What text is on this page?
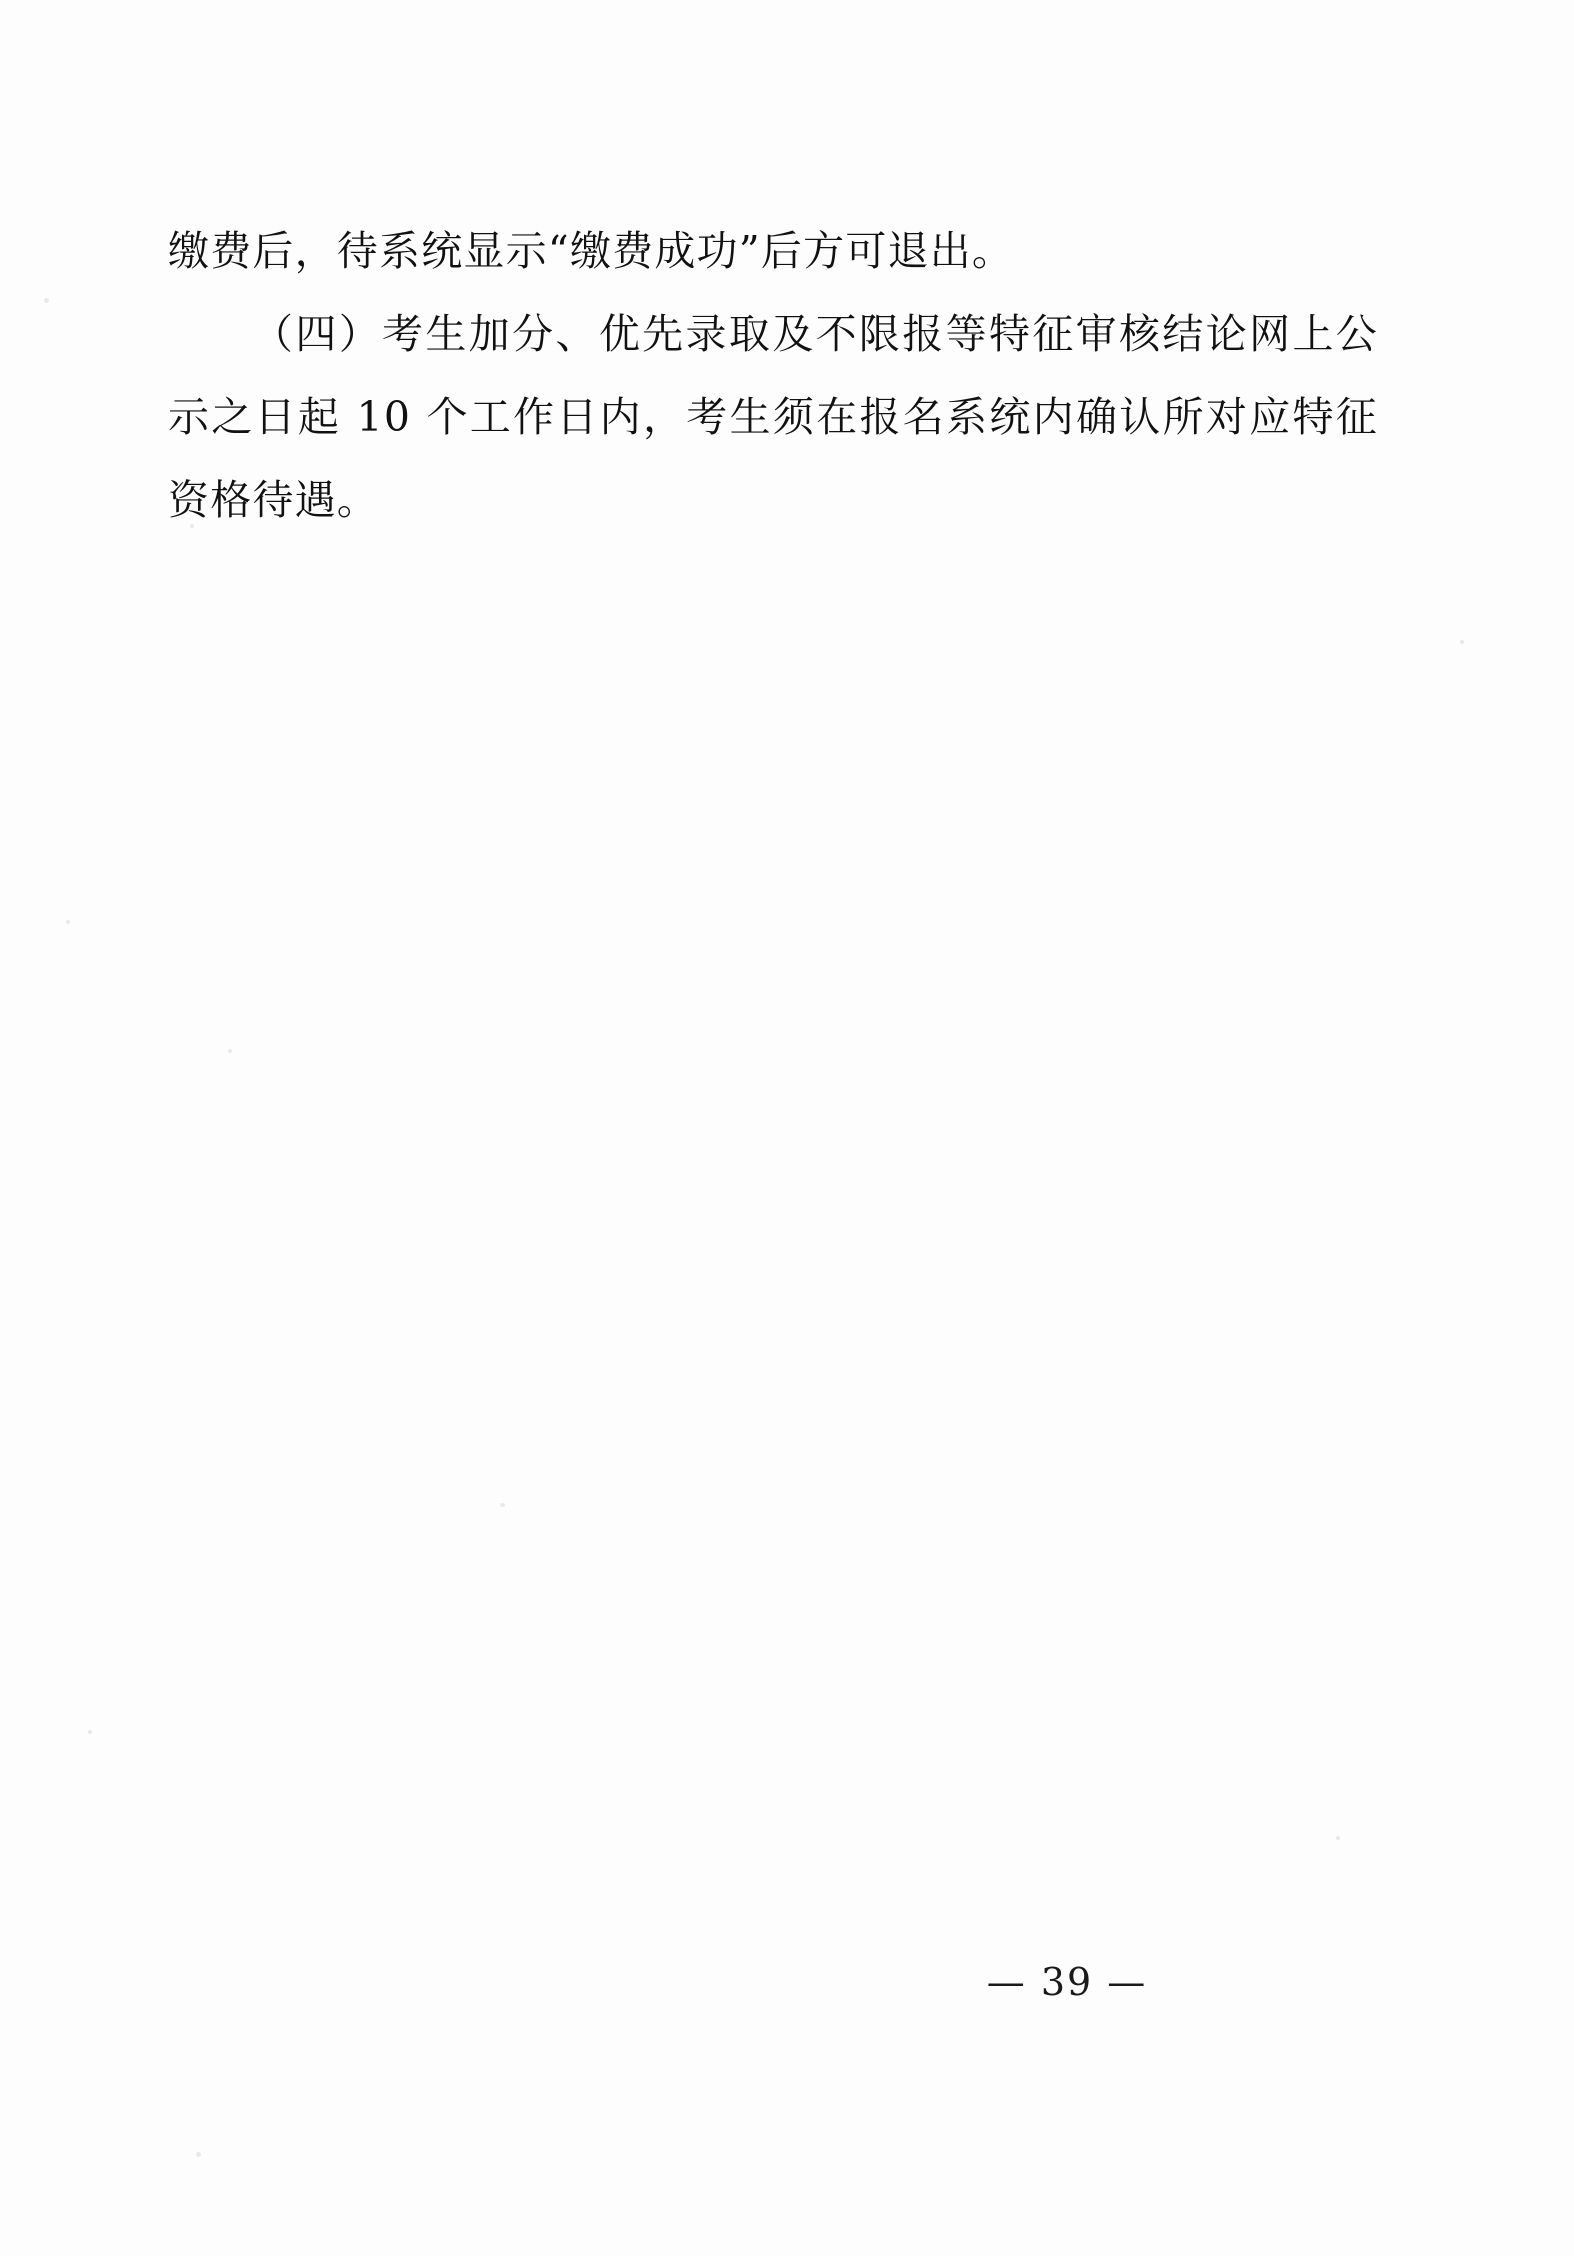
缴费后，待系统显示“缴费成功”后方可退出。

（四）考生加分、优先录取及不限报等特征审核结论网上公示之日起 10 个工作日内，考生须在报名系统内确认所对应特征资格待遇。

— 39 —
